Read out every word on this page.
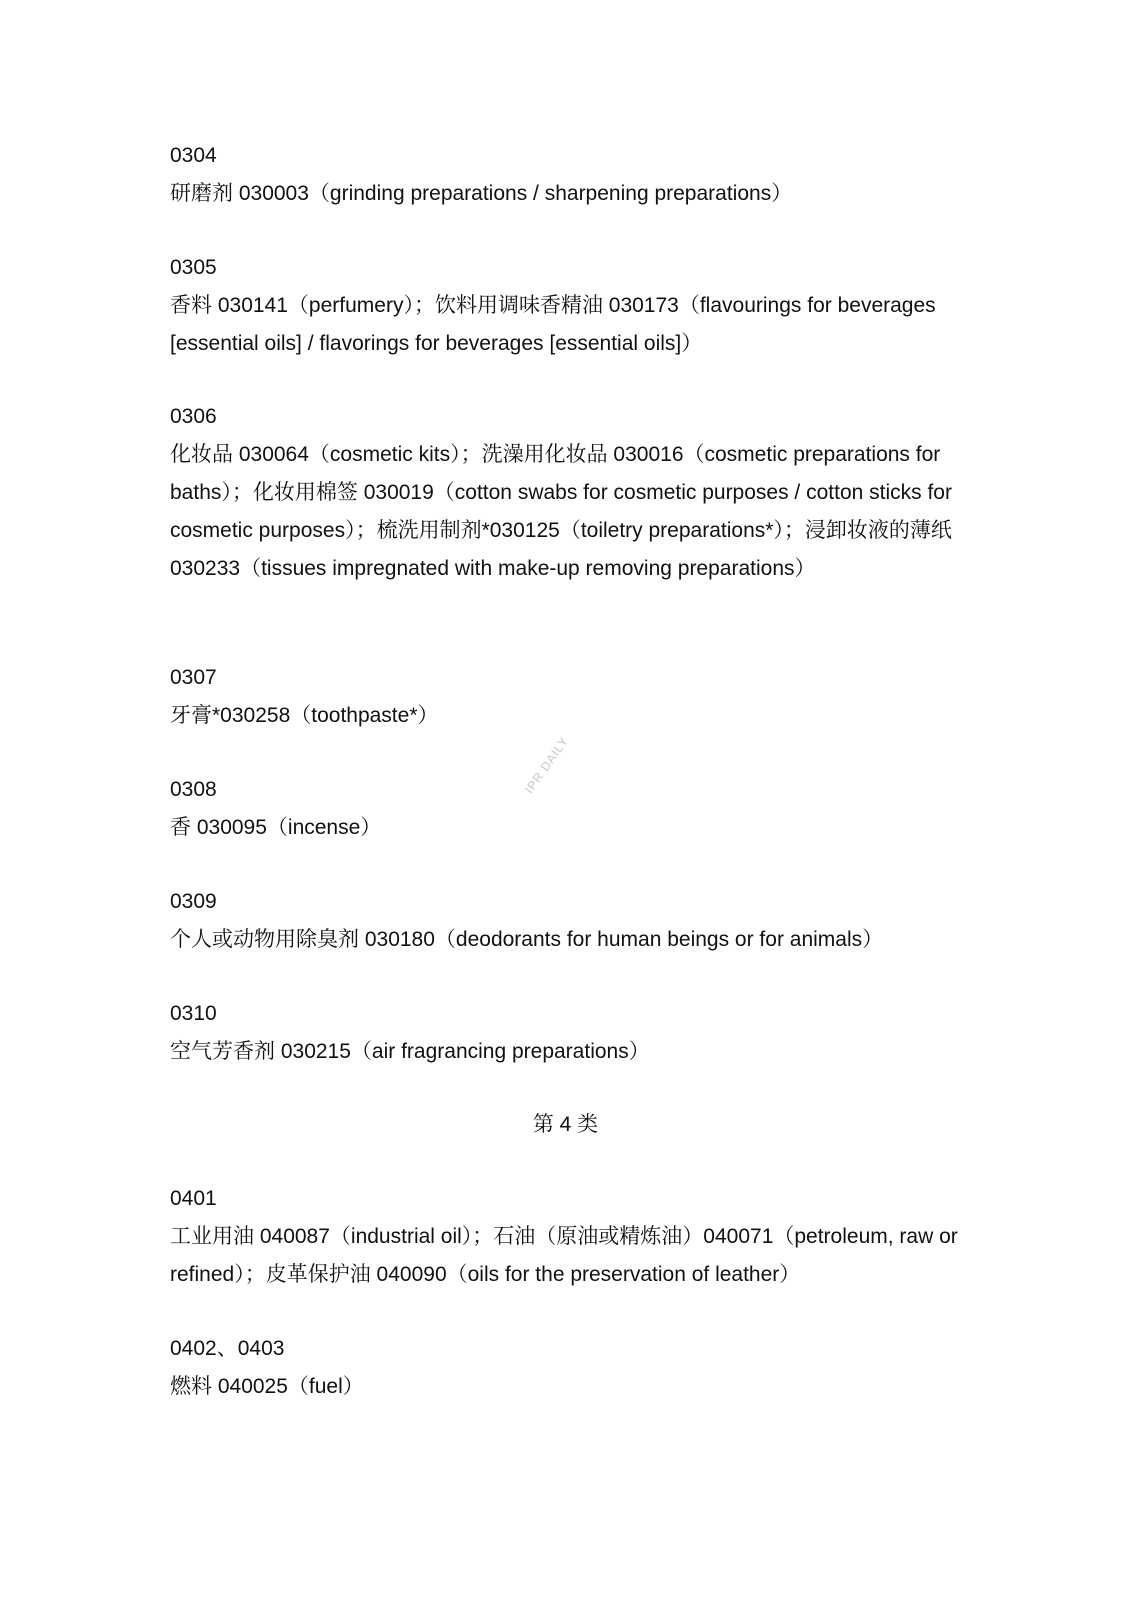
0304
研磨剂 030003（grinding preparations / sharpening preparations）
0305
香料 030141（perfumery）；饮料用调味香精油 030173（flavourings for beverages [essential oils] / flavorings for beverages [essential oils]）
0306
化妆品 030064（cosmetic kits）；洗澡用化妆品 030016（cosmetic preparations for baths）；化妆用棉签 030019（cotton swabs for cosmetic purposes / cotton sticks for cosmetic purposes）；梳洗用制剂*030125（toiletry preparations*）；浸卸妆液的薄纸 030233（tissues impregnated with make-up removing preparations）
0307
牙膏*030258（toothpaste*）
0308
香 030095（incense）
0309
个人或动物用除臭剂 030180（deodorants for human beings or for animals）
0310
空气芳香剂 030215（air fragrancing preparations）
第 4 类
0401
工业用油 040087（industrial oil）；石油（原油或精炼油）040071（petroleum, raw or refined）；皮革保护油 040090（oils for the preservation of leather）
0402、0403
燃料 040025（fuel）
IPR DAILY
